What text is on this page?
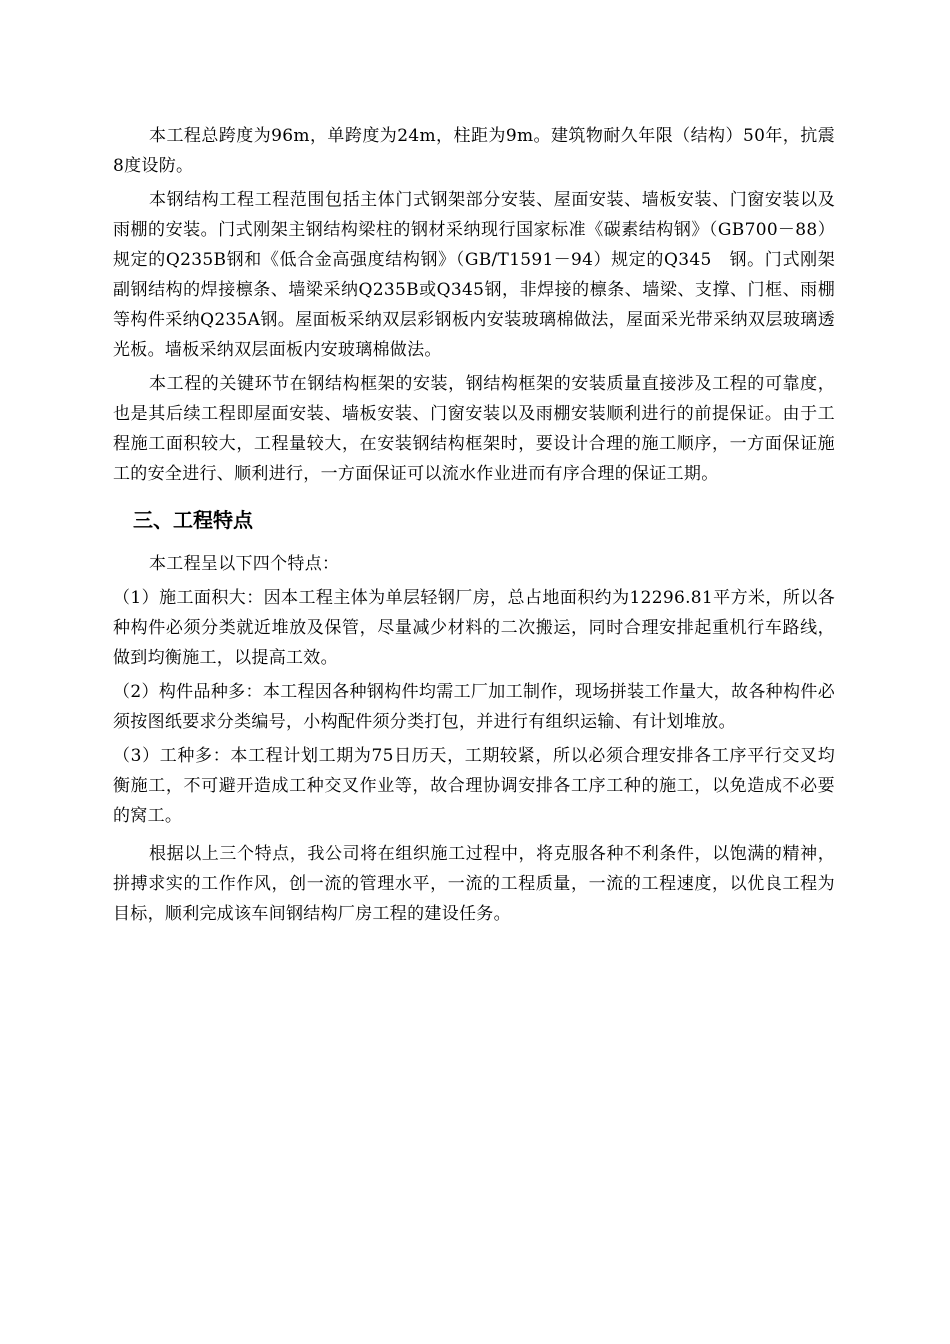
本工程总跨度为96m，单跨度为24m，柱距为9m。建筑物耐久年限（结构）50年，抗震8度设防。

本钢结构工程工程范围包括主体门式钢架部分安装、屋面安装、墙板安装、门窗安装以及雨棚的安装。门式刚架主钢结构梁柱的钢材采纳现行国家标准《碳素结构钢》（GB700－88）规定的Q235B钢和《低合金高强度结构钢》（GB/T1591－94）规定的Q345　钢。门式刚架副钢结构的焊接檩条、墙梁采纳Q235B或Q345钢，非焊接的檩条、墙梁、支撑、门框、雨棚等构件采纳Q235A钢。屋面板采纳双层彩钢板内安装玻璃棉做法，屋面采光带采纳双层玻璃透光板。墙板采纳双层面板内安玻璃棉做法。

本工程的关键环节在钢结构框架的安装，钢结构框架的安装质量直接涉及工程的可靠度，也是其后续工程即屋面安装、墙板安装、门窗安装以及雨棚安装顺利进行的前提保证。由于工程施工面积较大，工程量较大，在安装钢结构框架时，要设计合理的施工顺序，一方面保证施工的安全进行、顺利进行，一方面保证可以流水作业进而有序合理的保证工期。

三、工程特点

本工程呈以下四个特点：

（1）施工面积大：因本工程主体为单层轻钢厂房，总占地面积约为12296.81平方米，所以各种构件必须分类就近堆放及保管，尽量减少材料的二次搬运，同时合理安排起重机行车路线，做到均衡施工，以提高工效。

（2）构件品种多：本工程因各种钢构件均需工厂加工制作，现场拼装工作量大，故各种构件必须按图纸要求分类编号，小构配件须分类打包，并进行有组织运输、有计划堆放。

（3）工种多：本工程计划工期为75日历天，工期较紧，所以必须合理安排各工序平行交叉均衡施工，不可避开造成工种交叉作业等，故合理协调安排各工序工种的施工，以免造成不必要的窝工。

根据以上三个特点，我公司将在组织施工过程中，将克服各种不利条件，以饱满的精神，拼搏求实的工作作风，创一流的管理水平，一流的工程质量，一流的工程速度，以优良工程为目标，顺利完成该车间钢结构厂房工程的建设任务。
